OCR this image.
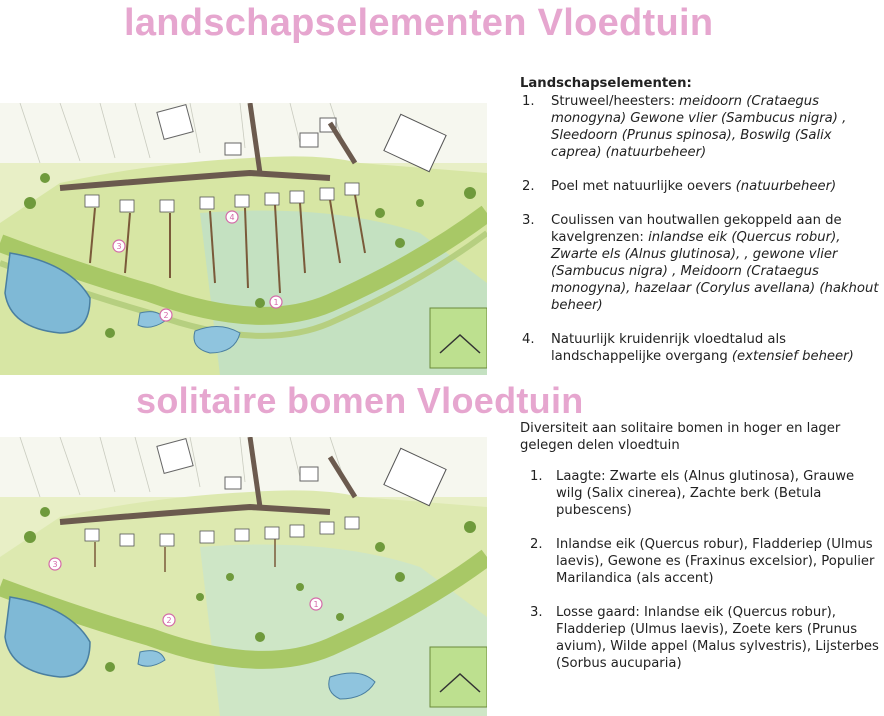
landschapselementen Vloedtuin
1
2
3
4
Landschapselementen:
1. Struweel/heesters: meidoorn (Crataegus monogyna) Gewone vlier (Sambucus nigra) , Sleedoorn (Prunus spinosa), Boswilg (Salix caprea) (natuurbeheer)
2. Poel met natuurlijke oevers (natuurbeheer)
3. Coulissen van houtwallen gekoppeld aan de kavelgrenzen: inlandse eik (Quercus robur), Zwarte els (Alnus glutinosa), , gewone vlier (Sambucus nigra) , Meidoorn (Crataegus monogyna), hazelaar (Corylus avellana) (hakhout beheer)
4. Natuurlijk kruidenrijk vloedtalud als landschappelijke overgang (extensief beheer)
solitaire bomen Vloedtuin
1
2
3
Diversiteit aan solitaire bomen in hoger en lager gelegen delen vloedtuin
1. Laagte: Zwarte els (Alnus glutinosa), Grauwe wilg (Salix cinerea), Zachte berk (Betula pubescens)
2. Inlandse eik (Quercus robur), Fladderiep (Ulmus laevis), Gewone es (Fraxinus excelsior), Populier Marilandica (als accent)
3. Losse gaard: Inlandse eik (Quercus robur), Fladderiep (Ulmus laevis), Zoete kers (Prunus avium), Wilde appel (Malus sylvestris), Lijsterbes (Sorbus aucuparia)
